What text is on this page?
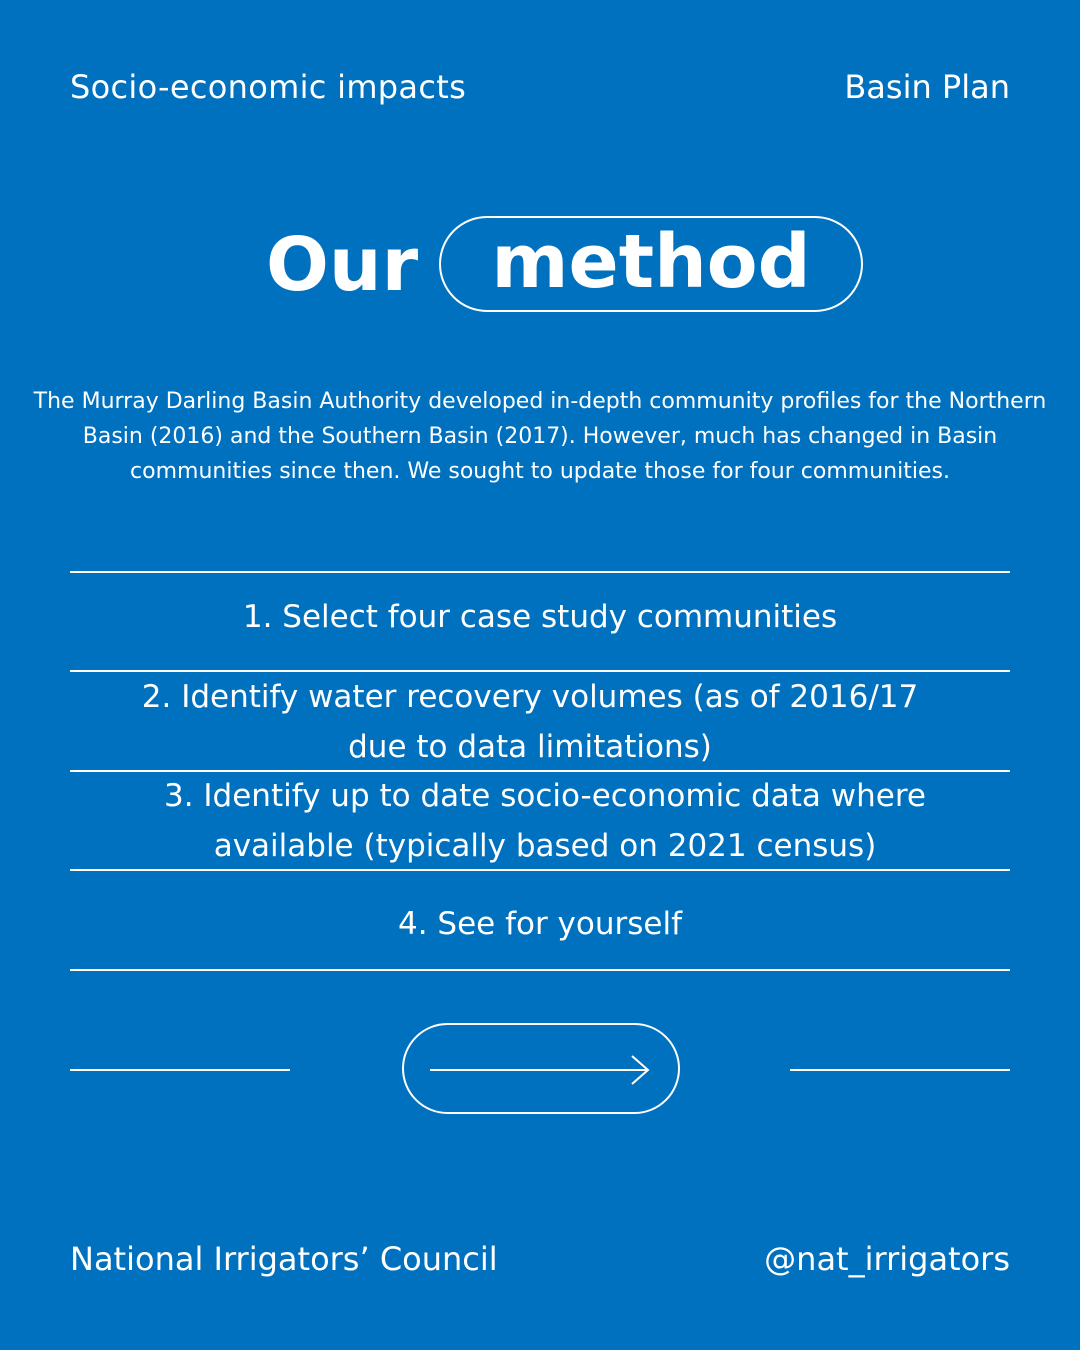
Socio-economic impacts	Basin Plan
Our method
The Murray Darling Basin Authority developed in-depth community profiles for the Northern Basin (2016) and the Southern Basin (2017). However, much has changed in Basin communities since then. We sought to update those for four communities.
1. Select four case study communities
2. Identify water recovery volumes (as of 2016/17 due to data limitations)
3. Identify up to date socio-economic data where available (typically based on 2021 census)
4. See for yourself
National Irrigators’ Council	@nat_irrigators
